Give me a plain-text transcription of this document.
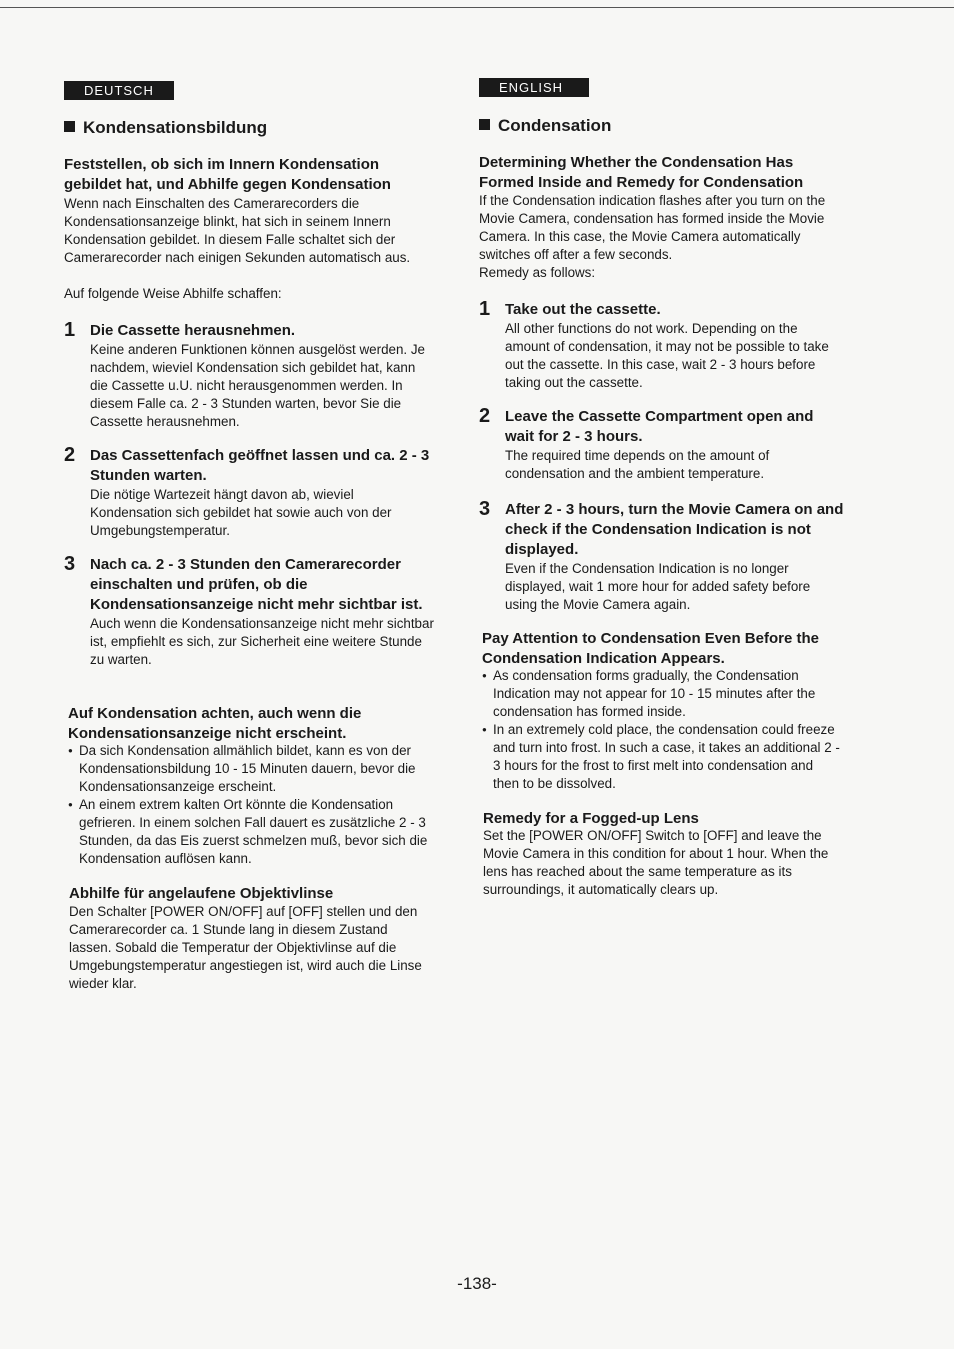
DEUTSCH
Kondensationsbildung
Feststellen, ob sich im Innern Kondensation gebildet hat, und Abhilfe gegen Kondensation

Wenn nach Einschalten des Camerarecorders die Kondensationsanzeige blinkt, hat sich in seinem Innern Kondensation gebildet. In diesem Falle schaltet sich der Camerarecorder nach einigen Sekunden automatisch aus.

Auf folgende Weise Abhilfe schaffen:

1 Die Cassette herausnehmen.

Keine anderen Funktionen können ausgelöst werden. Je nachdem, wieviel Kondensation sich gebildet hat, kann die Cassette u.U. nicht herausgenommen werden. In diesem Falle ca. 2 - 3 Stunden warten, bevor Sie die Cassette herausnehmen.

2 Das Cassettenfach geöffnet lassen und ca. 2 - 3 Stunden warten.

Die nötige Wartezeit hängt davon ab, wieviel Kondensation sich gebildet hat sowie auch von der Umgebungstemperatur.

3 Nach ca. 2 - 3 Stunden den Camerarecorder einschalten und prüfen, ob die Kondensationsanzeige nicht mehr sichtbar ist.

Auch wenn die Kondensationsanzeige nicht mehr sichtbar ist, empfiehlt es sich, zur Sicherheit eine weitere Stunde zu warten.

Auf Kondensation achten, auch wenn die Kondensationsanzeige nicht erscheint.
● Da sich Kondensation allmählich bildet, kann es von der Kondensationsbildung 10 - 15 Minuten dauern, bevor die Kondensationsanzeige erscheint.
● An einem extrem kalten Ort könnte die Kondensation gefrieren. In einem solchen Fall dauert es zusätzliche 2 - 3 Stunden, da das Eis zuerst schmelzen muß, bevor sich die Kondensation auflösen kann.
Abhilfe für angelaufene Objektivlinse

Den Schalter [POWER ON/OFF] auf [OFF] stellen und den Camerarecorder ca. 1 Stunde lang in diesem Zustand lassen. Sobald die Temperatur der Objektivlinse auf die Umgebungstemperatur angestiegen ist, wird auch die Linse wieder klar.

ENGLISH
Condensation
Determining Whether the Condensation Has Formed Inside and Remedy for Condensation

If the Condensation indication flashes after you turn on the Movie Camera, condensation has formed inside the Movie Camera. In this case, the Movie Camera automatically switches off after a few seconds.

Remedy as follows:

1 Take out the cassette.

All other functions do not work. Depending on the amount of condensation, it may not be possible to take out the cassette. In this case, wait 2 - 3 hours before taking out the cassette.

2 Leave the Cassette Compartment open and wait for 2 - 3 hours.

The required time depends on the amount of condensation and the ambient temperature.

3 After 2 - 3 hours, turn the Movie Camera on and check if the Condensation Indication is not displayed.

Even if the Condensation Indication is no longer displayed, wait 1 more hour for added safety before using the Movie Camera again.

Pay Attention to Condensation Even Before the Condensation Indication Appears.
● As condensation forms gradually, the Condensation Indication may not appear for 10 - 15 minutes after the condensation has formed inside.
● In an extremely cold place, the condensation could freeze and turn into frost. In such a case, it takes an additional 2 - 3 hours for the frost to first melt into condensation and then to be dissolved.
Remedy for a Fogged-up Lens

Set the [POWER ON/OFF] Switch to [OFF] and leave the Movie Camera in this condition for about 1 hour. When the lens has reached about the same temperature as its surroundings, it automatically clears up.

-138-
